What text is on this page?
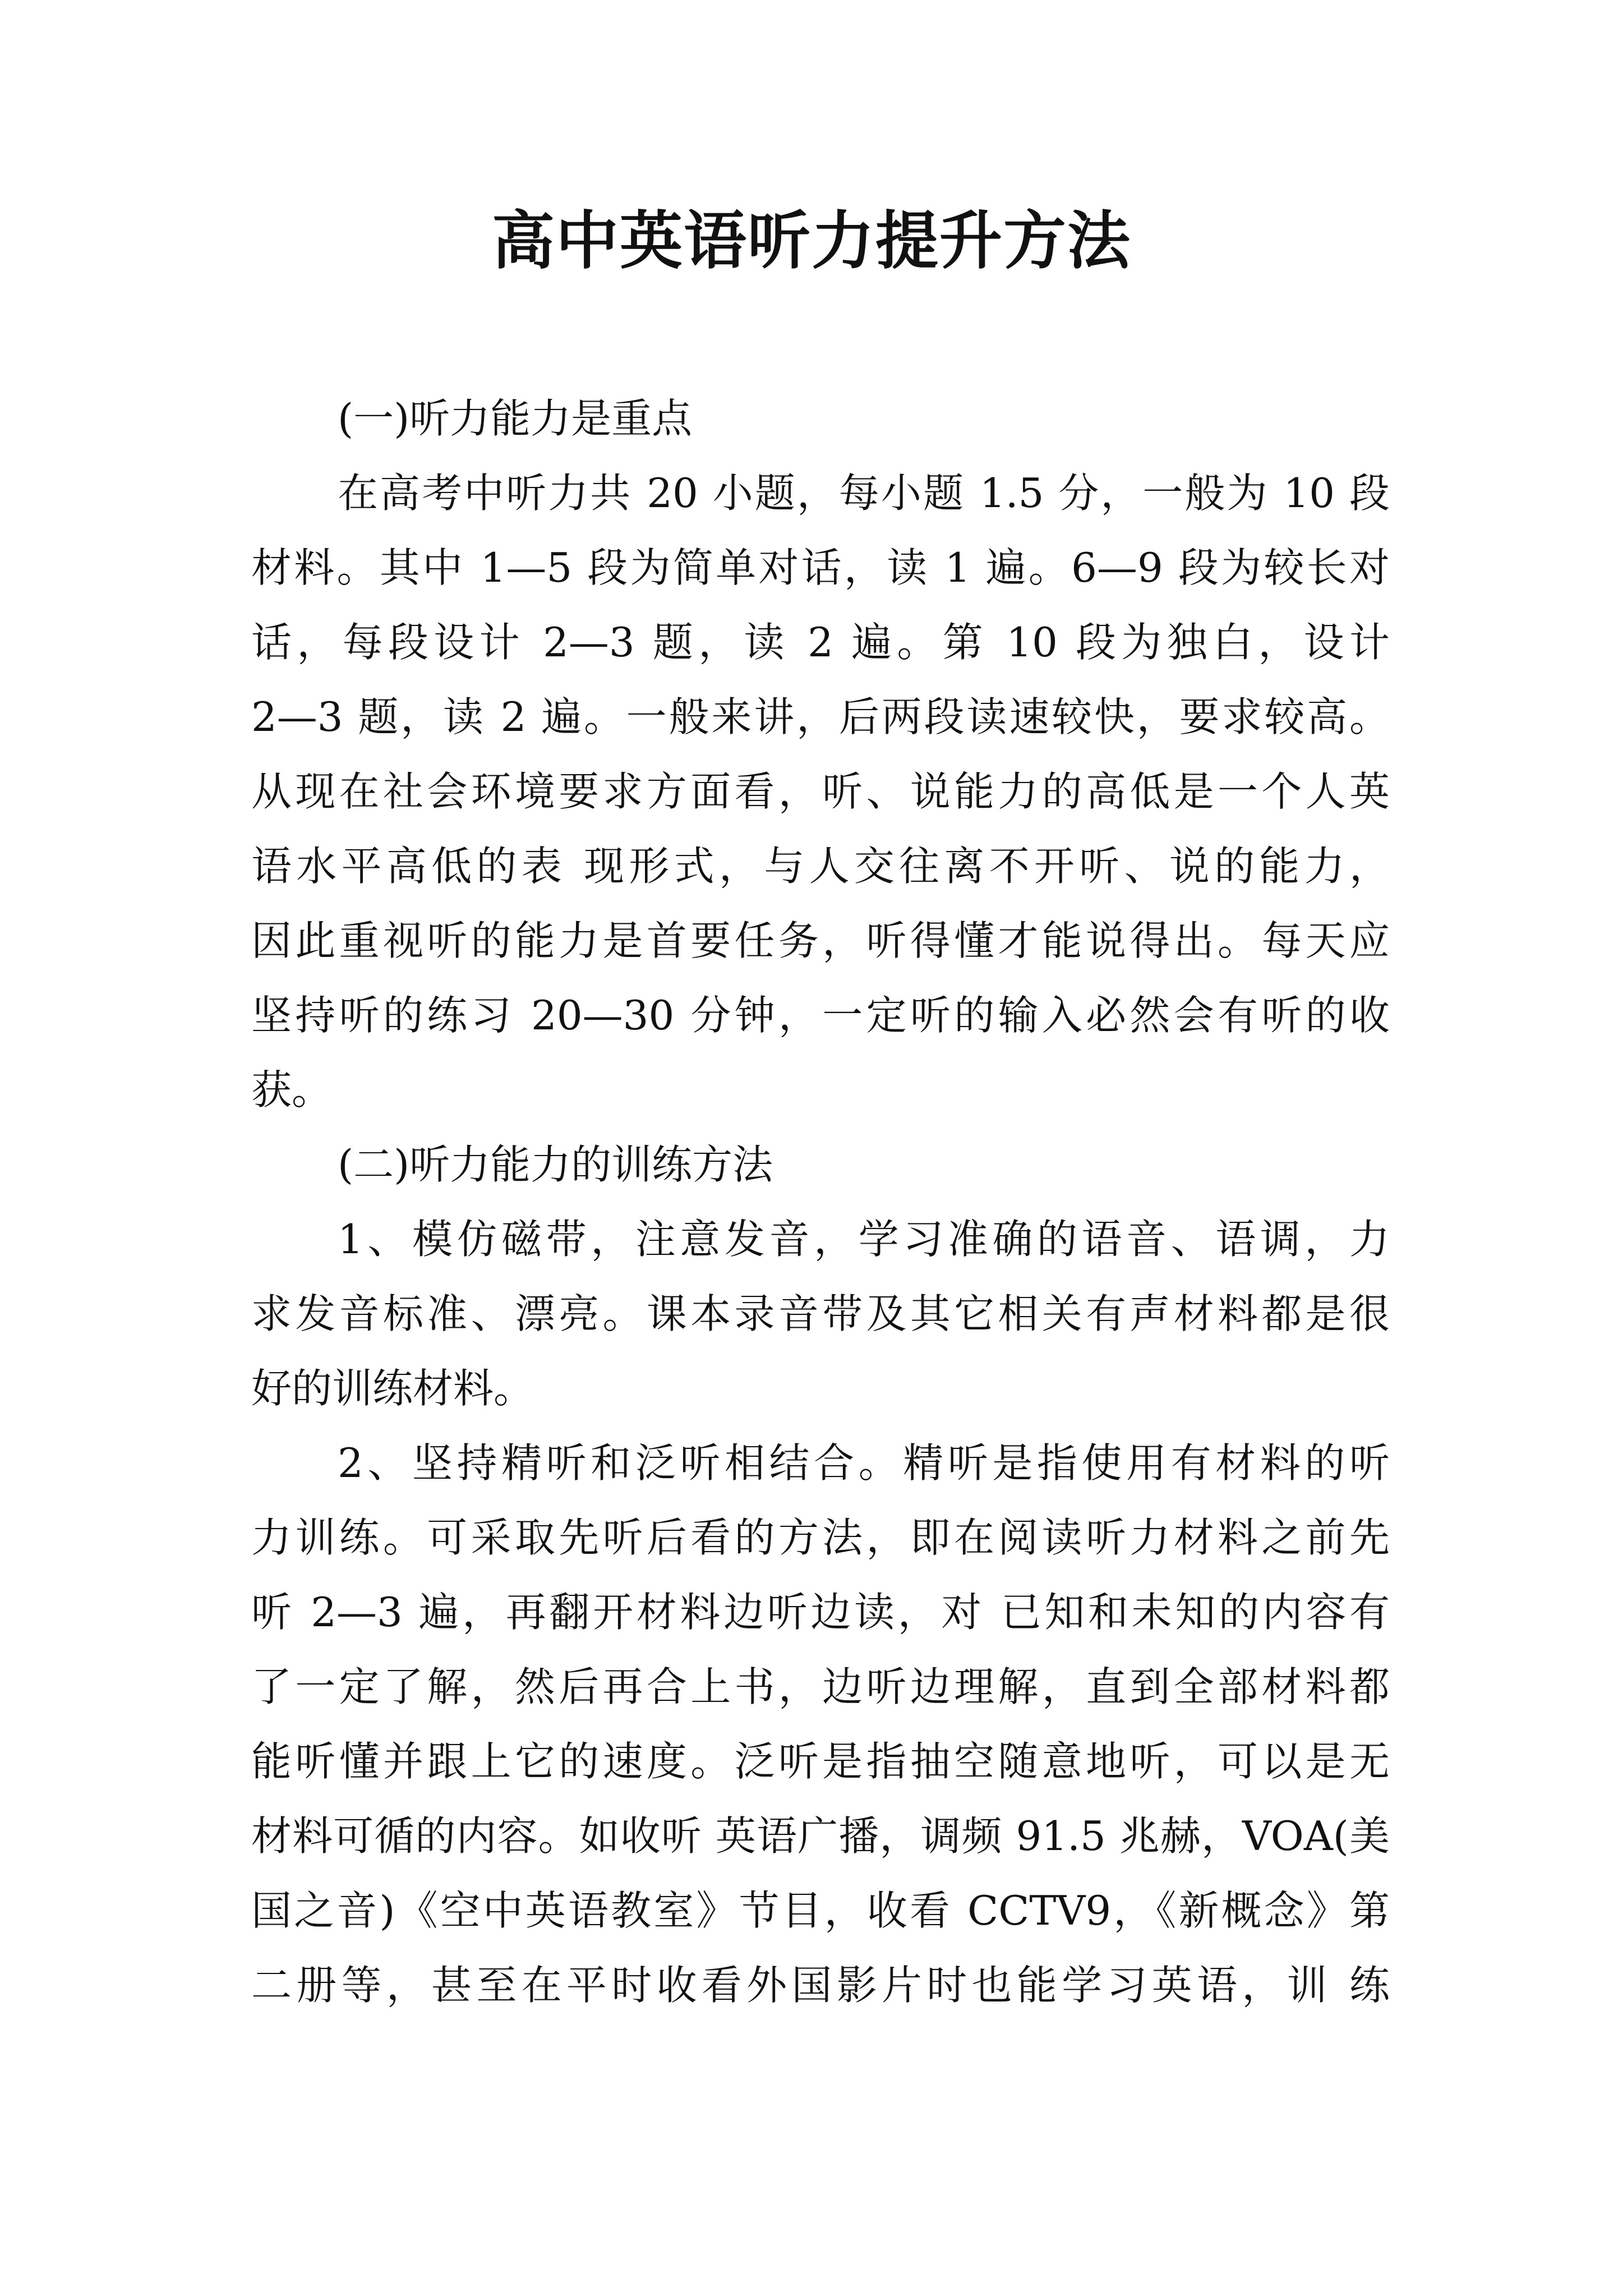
高中英语听力提升方法
(一)听力能力是重点
在高考中听力共 20 小题，每小题 1.5 分，一般为 10 段
材料。其中 1—5 段为简单对话，读 1 遍。6—9 段为较长对
话，每段设计 2—3 题，读 2 遍。第 10 段为独白，设计
2—3 题，读 2 遍。一般来讲，后两段读速较快，要求较高。
从现在社会环境要求方面看，听、说能力的高低是一个人英
语水平高低的表 现形式，与人交往离不开听、说的能力，
因此重视听的能力是首要任务，听得懂才能说得出。每天应
坚持听的练习 20—30 分钟，一定听的输入必然会有听的收
获。
(二)听力能力的训练方法
1、模仿磁带，注意发音，学习准确的语音、语调，力
求发音标准、漂亮。课本录音带及其它相关有声材料都是很
好的训练材料。
2、坚持精听和泛听相结合。精听是指使用有材料的听
力训练。可采取先听后看的方法，即在阅读听力材料之前先
听 2—3 遍，再翻开材料边听边读，对 已知和未知的内容有
了一定了解，然后再合上书，边听边理解，直到全部材料都
能听懂并跟上它的速度。泛听是指抽空随意地听，可以是无
材料可循的内容。如收听 英语广播，调频 91.5 兆赫，VOA(美
国之音)《空中英语教室》节目，收看 CCTV9，《新概念》第
二册等，甚至在平时收看外国影片时也能学习英语，训 练
